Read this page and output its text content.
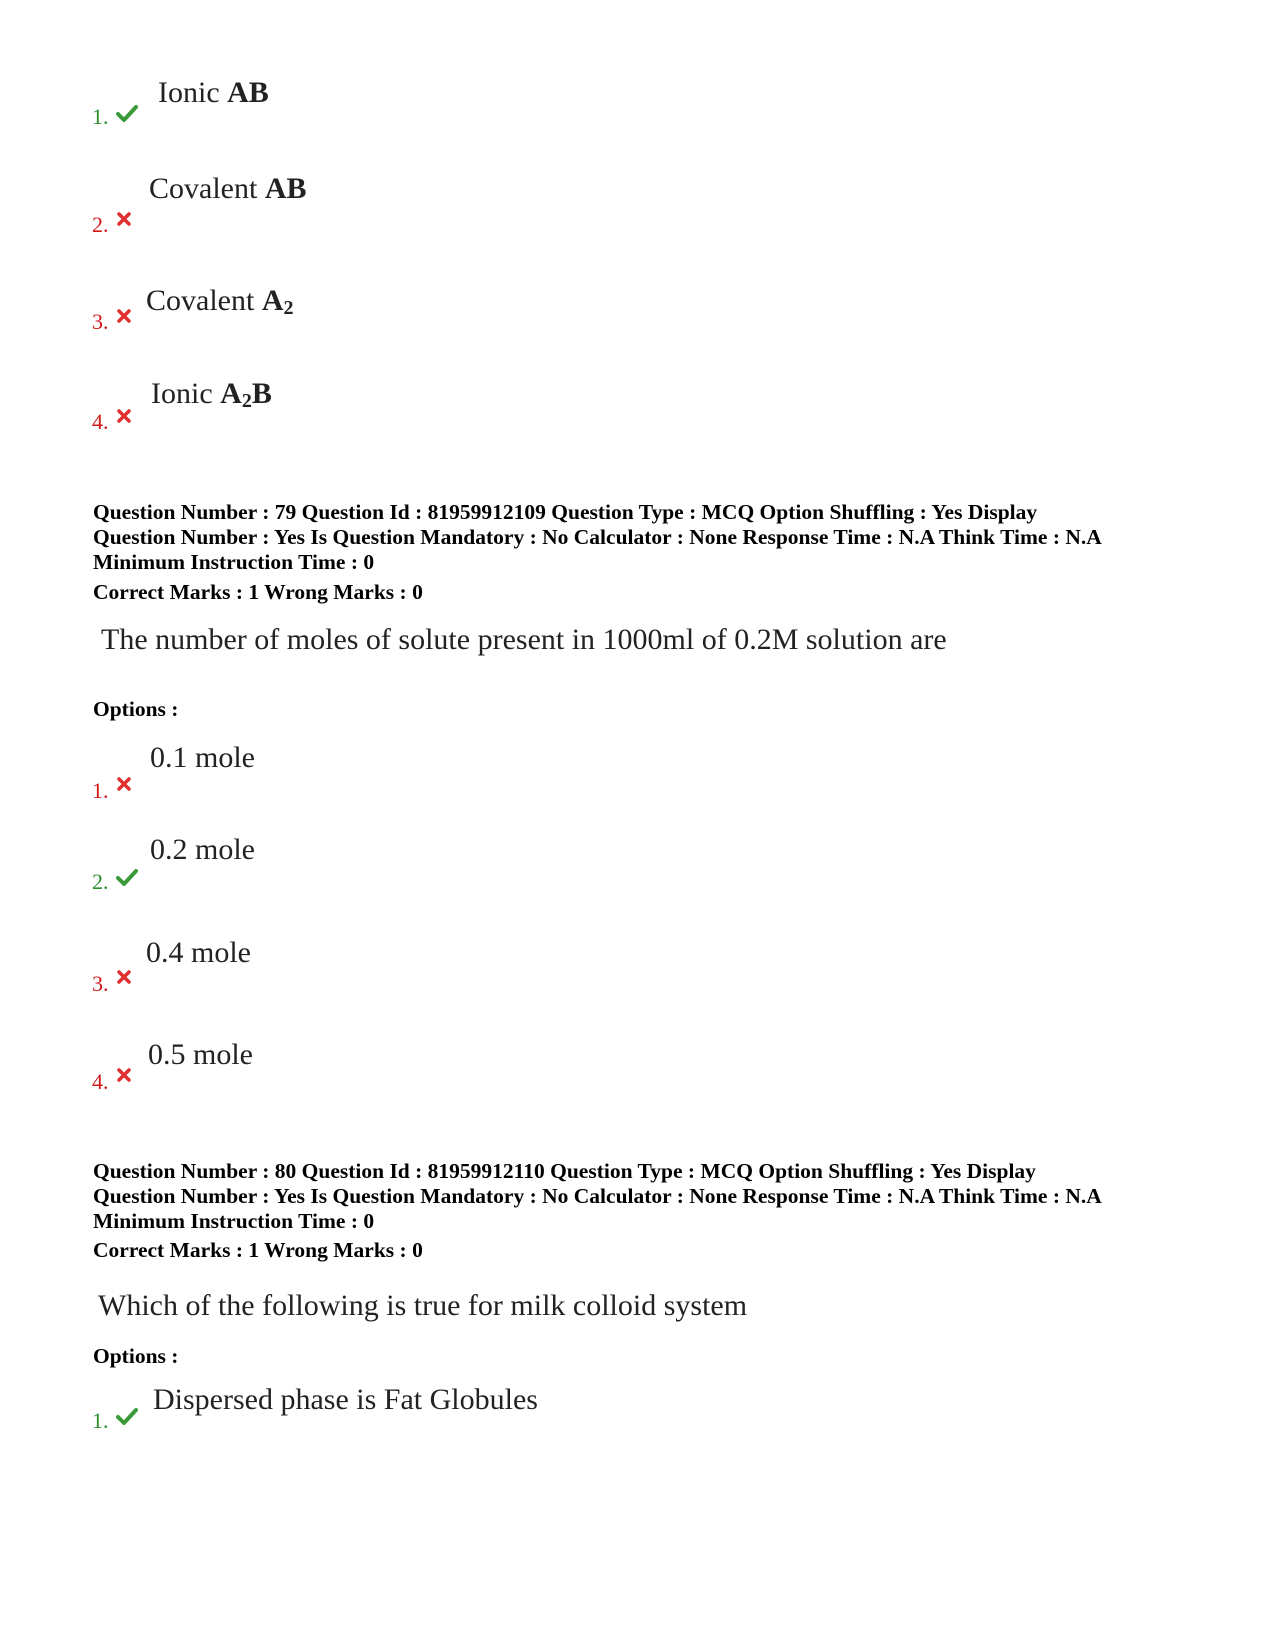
1.
Ionic AB
2.
Covalent AB
3.
Covalent A2
4.
Ionic A2B
Question Number : 79 Question Id : 81959912109 Question Type : MCQ Option Shuffling : Yes Display
Question Number : Yes Is Question Mandatory : No Calculator : None Response Time : N.A Think Time : N.A
Minimum Instruction Time : 0
Correct Marks : 1 Wrong Marks : 0
The number of moles of solute present in 1000ml of 0.2M solution are
Options :
1.
0.1 mole
2.
0.2 mole
3.
0.4 mole
4.
0.5 mole
Question Number : 80 Question Id : 81959912110 Question Type : MCQ Option Shuffling : Yes Display
Question Number : Yes Is Question Mandatory : No Calculator : None Response Time : N.A Think Time : N.A
Minimum Instruction Time : 0
Correct Marks : 1 Wrong Marks : 0
Which of the following is true for milk colloid system
Options :
1.
Dispersed phase is Fat Globules
